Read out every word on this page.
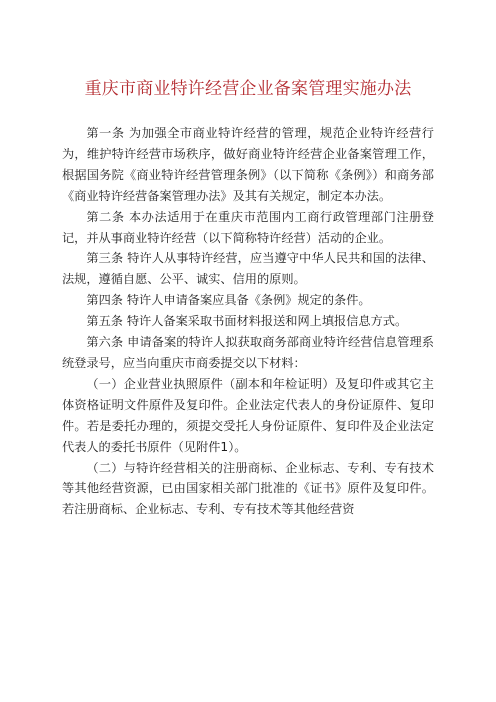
重庆市商业特许经营企业备案管理实施办法

第一条 为加强全市商业特许经营的管理，规范企业特许经营行为，维护特许经营市场秩序，做好商业特许经营企业备案管理工作，根据国务院《商业特许经营管理条例》（以下简称《条例》）和商务部《商业特许经营备案管理办法》及其有关规定，制定本办法。

第二条 本办法适用于在重庆市范围内工商行政管理部门注册登记，并从事商业特许经营（以下简称特许经营）活动的企业。

第三条 特许人从事特许经营，应当遵守中华人民共和国的法律、法规，遵循自愿、公平、诚实、信用的原则。

第四条 特许人申请备案应具备《条例》规定的条件。

第五条 特许人备案采取书面材料报送和网上填报信息方式。

第六条 申请备案的特许人拟获取商务部商业特许经营信息管理系统登录号，应当向重庆市商委提交以下材料：

（一）企业营业执照原件（副本和年检证明）及复印件或其它主体资格证明文件原件及复印件。企业法定代表人的身份证原件、复印件。若是委托办理的，须提交受托人身份证原件、复印件及企业法定代表人的委托书原件（见附件1）。

（二）与特许经营相关的注册商标、企业标志、专利、专有技术等其他经营资源，已由国家相关部门批准的《证书》原件及复印件。若注册商标、企业标志、专利、专有技术等其他经营资
